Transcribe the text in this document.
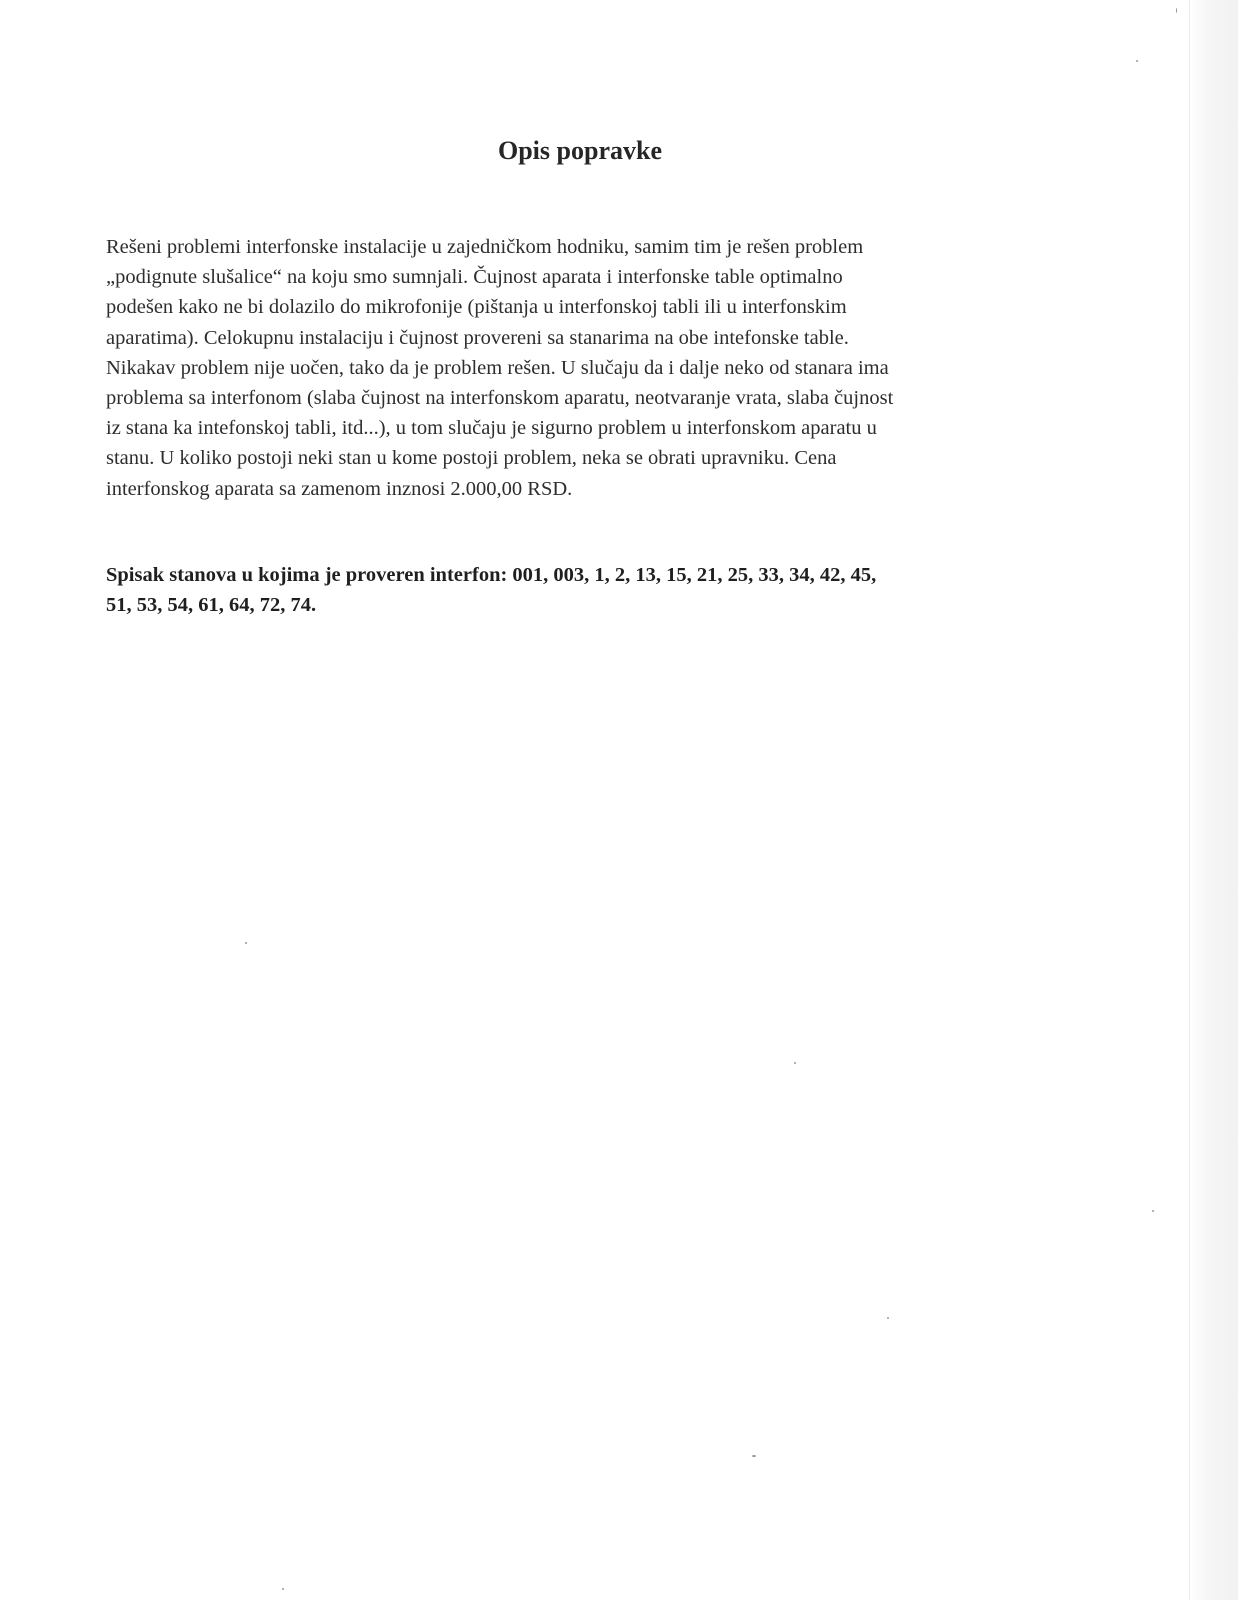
Opis popravke

Rešeni problemi interfonske instalacije u zajedničkom hodniku, samim tim je rešen problem
„podignute slušalice“ na koju smo sumnjali. Čujnost aparata i interfonske table optimalno
podešen kako ne bi dolazilo do mikrofonije (pištanja u interfonskoj tabli ili u interfonskim
aparatima). Celokupnu instalaciju i čujnost provereni sa stanarima na obe intefonske table.
Nikakav problem nije uočen, tako da je problem rešen. U slučaju da i dalje neko od stanara ima
problema sa interfonom (slaba čujnost na interfonskom aparatu, neotvaranje vrata, slaba čujnost
iz stana ka intefonskoj tabli, itd...), u tom slučaju je sigurno problem u interfonskom aparatu u
stanu. U koliko postoji neki stan u kome postoji problem, neka se obrati upravniku. Cena
interfonskog aparata sa zamenom inznosi 2.000,00 RSD.

Spisak stanova u kojima je proveren interfon: 001, 003, 1, 2, 13, 15, 21, 25, 33, 34, 42, 45,
51, 53, 54, 61, 64, 72, 74.
